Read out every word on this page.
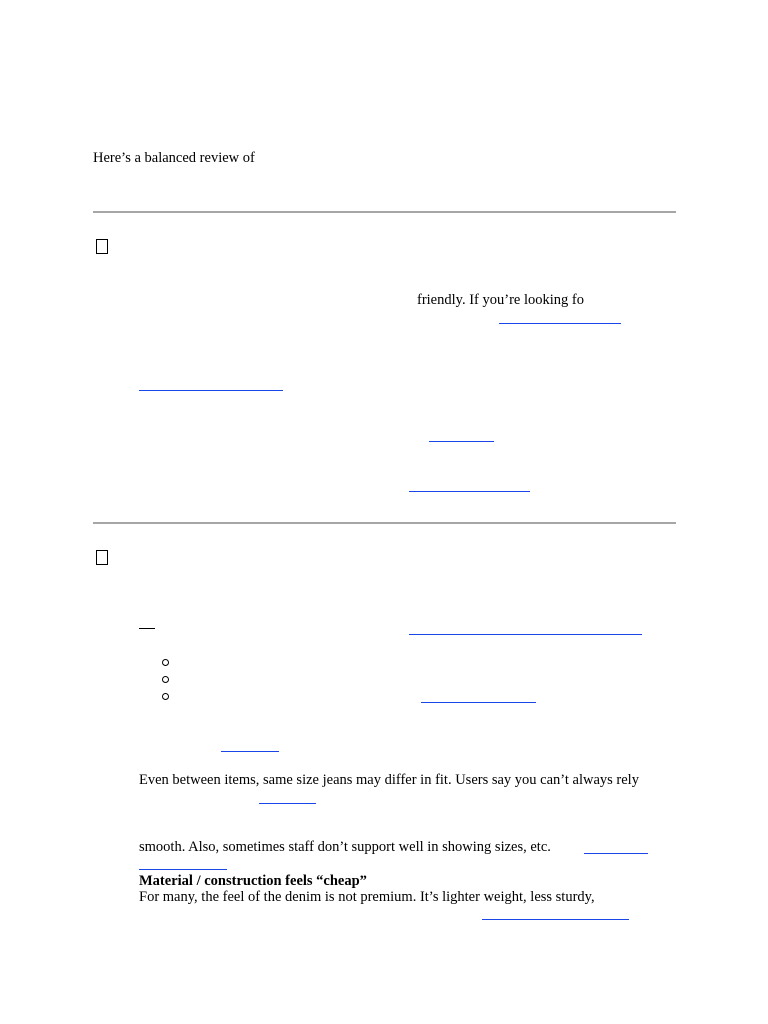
Here’s a balanced review of
friendly. If you’re looking fo
Even between items, same size jeans may differ in fit. Users say you can’t always rely
smooth. Also, sometimes staff don’t support well in showing sizes, etc.
Material / construction feels “cheap”
For many, the feel of the denim is not premium. It’s lighter weight, less sturdy,
